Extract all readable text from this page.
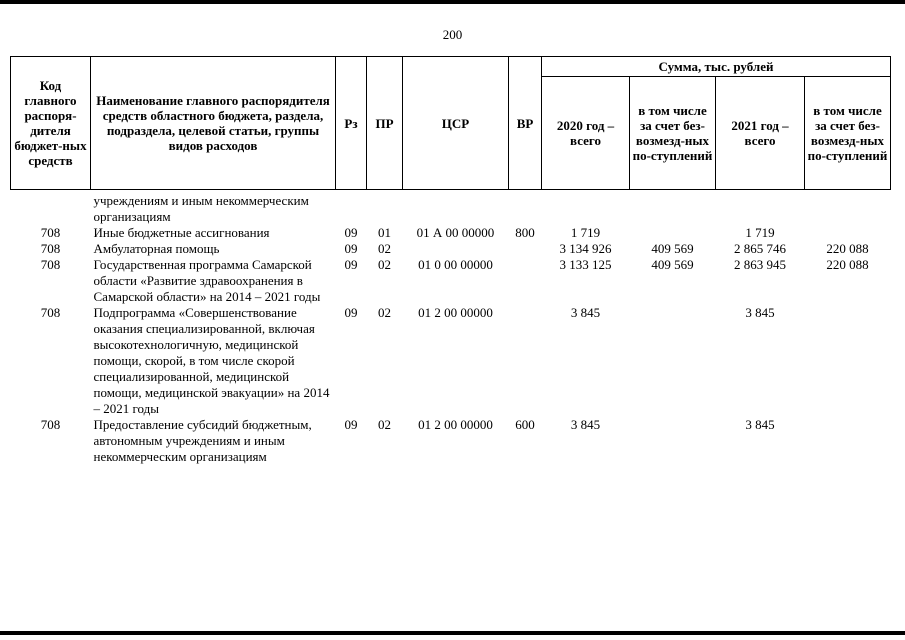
200
Код главного распоря-дителя бюджет-ных средств	Наименование главного распорядителя средств областного бюджета, раздела, подраздела, целевой статьи, группы видов расходов	Рз	ПР	ЦСР	ВР	Сумма, тыс. рублей			
						2020 год – всего	в том числе за счет без-возмезд-ных по-ступлений	2021 год – всего	в том числе за счет без-возмезд-ных по-ступлений
	учреждениям и иным некоммерческим организациям								
708	Иные бюджетные ассигнования	09	01	01 А 00 00000	800	1 719		1 719	
708	Амбулаторная помощь	09	02			3 134 926	409 569	2 865 746	220 088
708	Государственная программа Самарской области «Развитие здравоохранения в Самарской области» на 2014 – 2021 годы	09	02	01 0 00 00000		3 133 125	409 569	2 863 945	220 088
708	Подпрограмма «Совершенствование оказания специализированной, включая высокотехнологичную, медицинской помощи, скорой, в том числе скорой специализированной, медицинской помощи, медицинской эвакуации» на 2014 – 2021 годы	09	02	01 2 00 00000		3 845		3 845	
708	Предоставление субсидий бюджетным, автономным учреждениям и иным некоммерческим организациям	09	02	01 2 00 00000	600	3 845		3 845	
